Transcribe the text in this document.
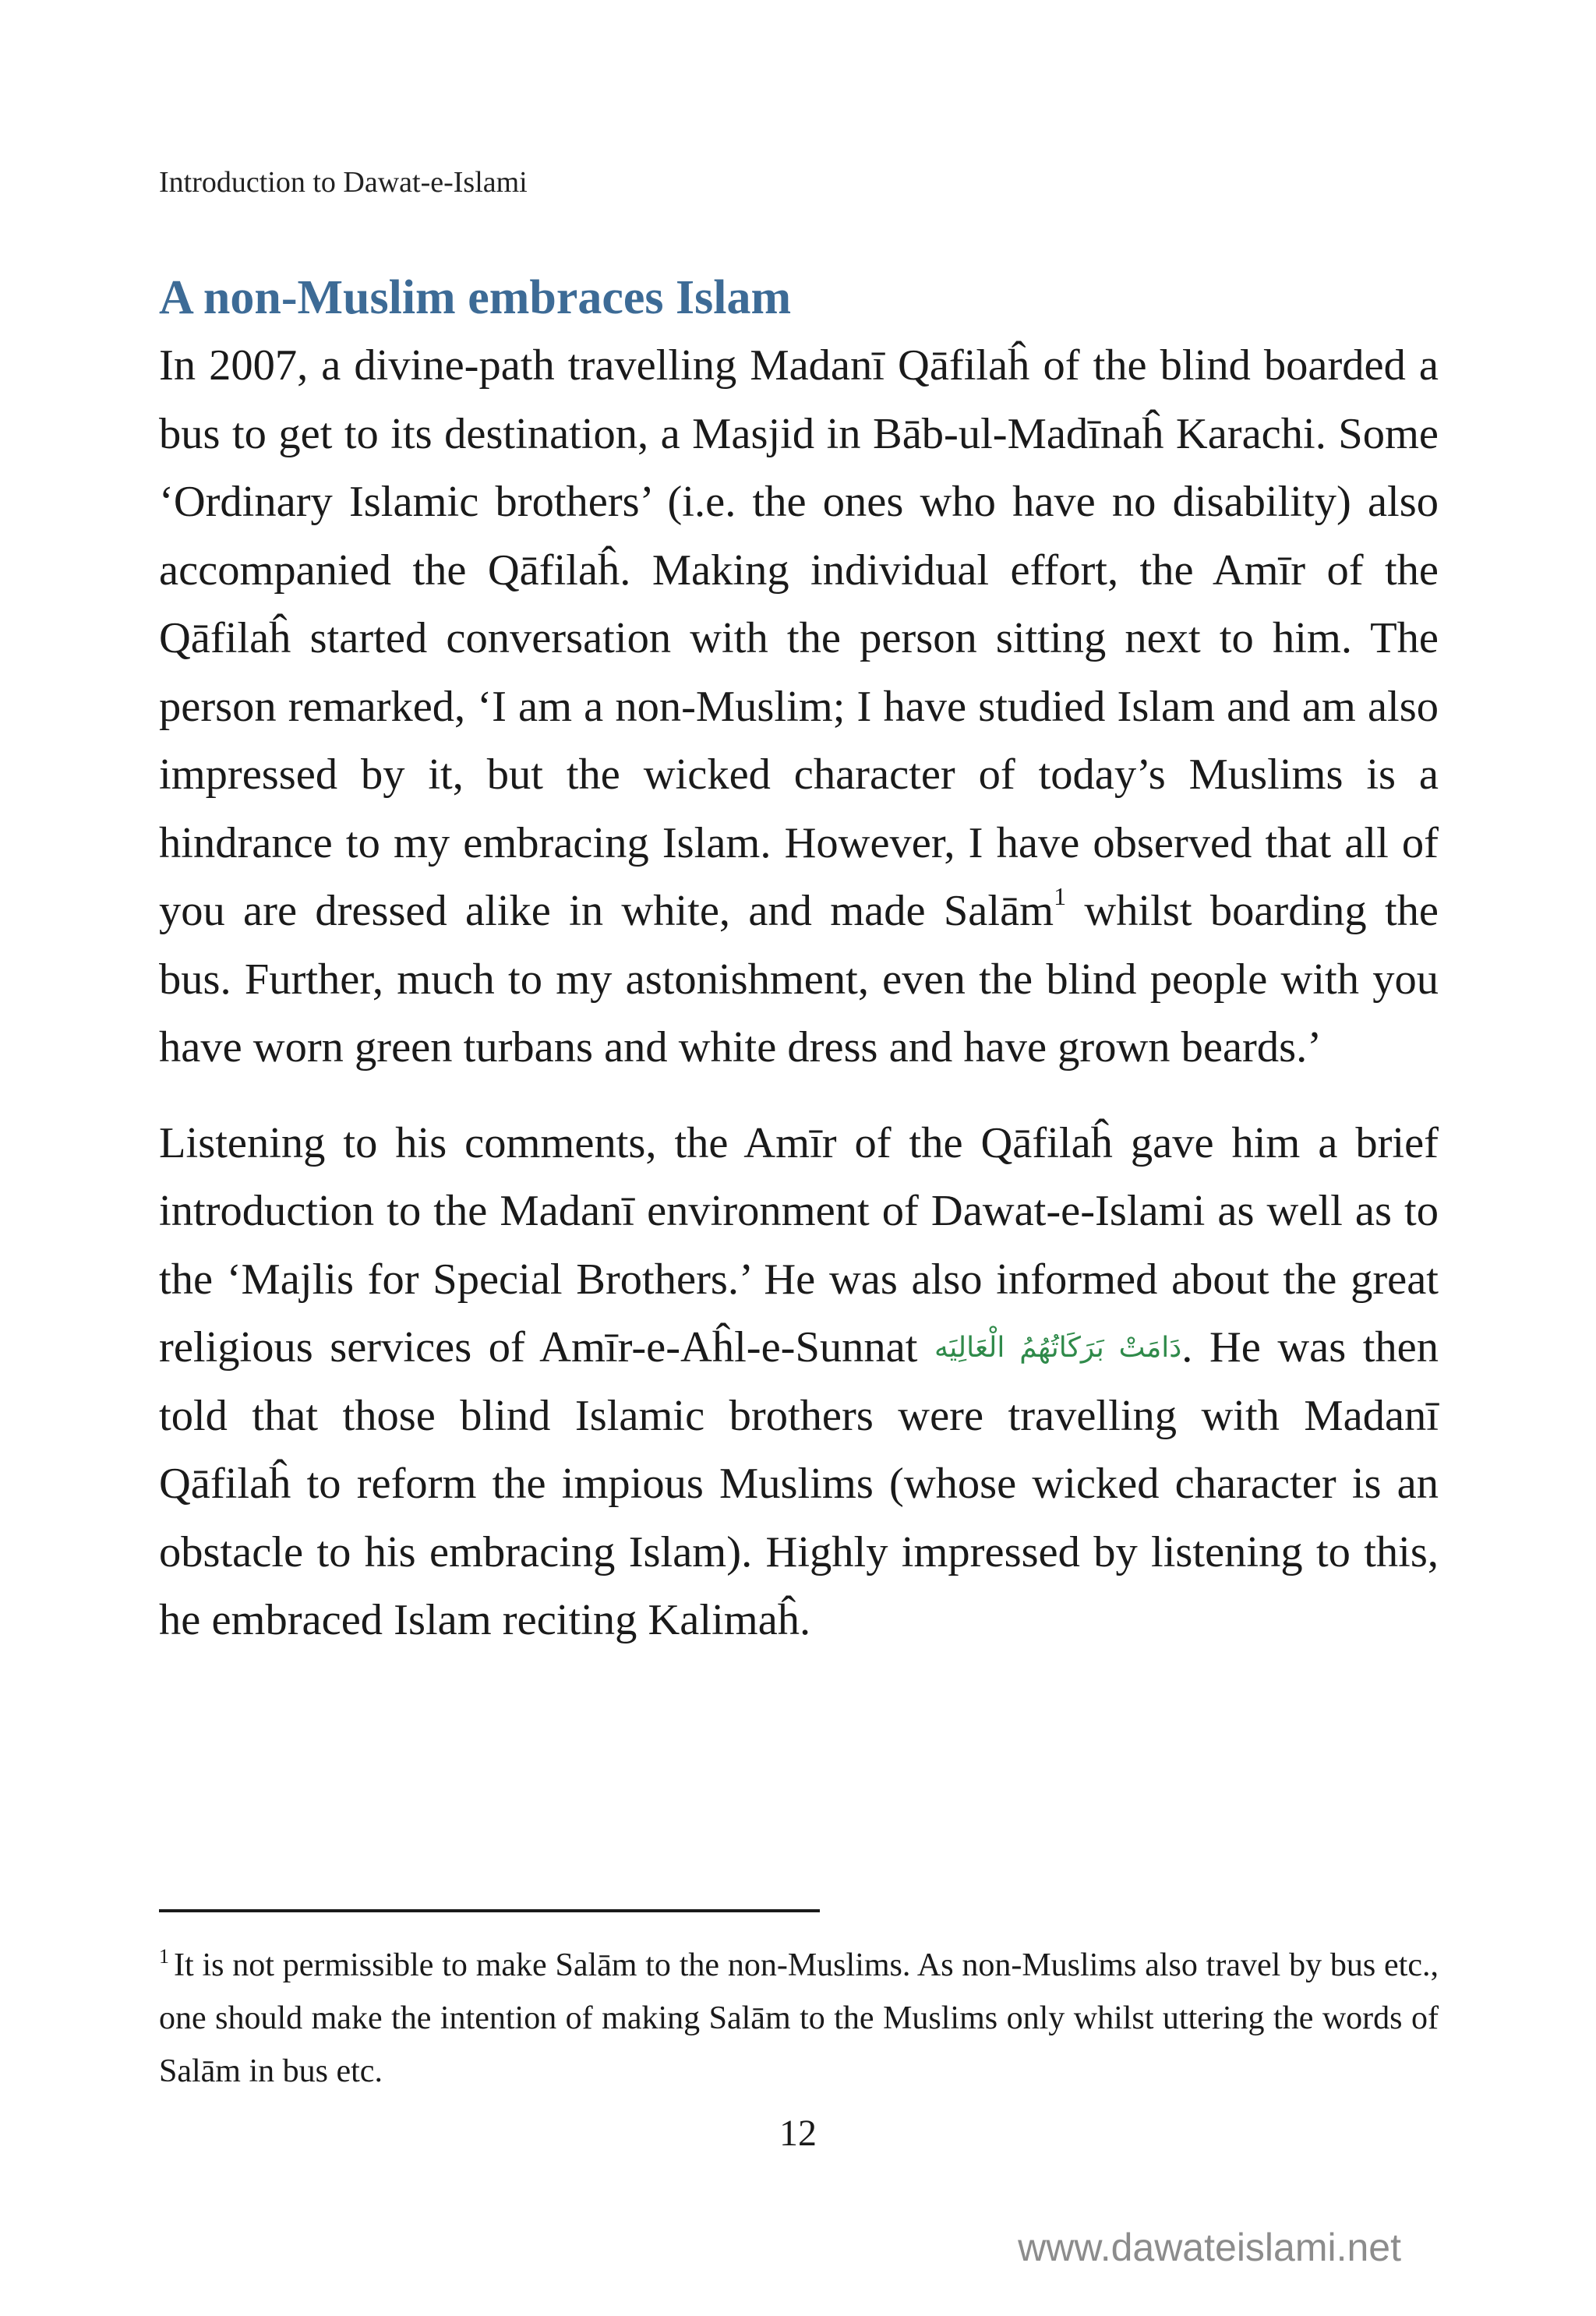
Introduction to Dawat-e-Islami
A non-Muslim embraces Islam

In 2007, a divine-path travelling Madanī Qāfilaĥ of the blind boarded a bus to get to its destination, a Masjid in Bāb-ul-Madīnaĥ Karachi. Some ‘Ordinary Islamic brothers’ (i.e. the ones who have no disability) also accompanied the Qāfilaĥ. Making individual effort, the Amīr of the Qāfilaĥ started conversation with the person sitting next to him. The person remarked, ‘I am a non-Muslim; I have studied Islam and am also impressed by it, but the wicked character of today’s Muslims is a hindrance to my embracing Islam. However, I have observed that all of you are dressed alike in white, and made Salām$^1$ whilst boarding the bus. Further, much to my astonishment, even the blind people with you have worn green turbans and white dress and have grown beards.’

Listening to his comments, the Amīr of the Qāfilaĥ gave him a brief introduction to the Madanī environment of Dawat-e-Islami as well as to the ‘Majlis for Special Brothers.’ He was also informed about the great religious services of Amīr-e-Aĥl-e-Sunnat دَامَتْ بَرَكَاتُهُمُ الْعَالِيَه. He was then told that those blind Islamic brothers were travelling with Madanī Qāfilaĥ to reform the impious Muslims (whose wicked character is an obstacle to his embracing Islam). Highly impressed by listening to this, he embraced Islam reciting Kalimaĥ.

$^1$ It is not permissible to make Salām to the non-Muslims. As non-Muslims also travel by bus etc., one should make the intention of making Salām to the Muslims only whilst uttering the words of Salām in bus etc.

12
www.dawateislami.net
